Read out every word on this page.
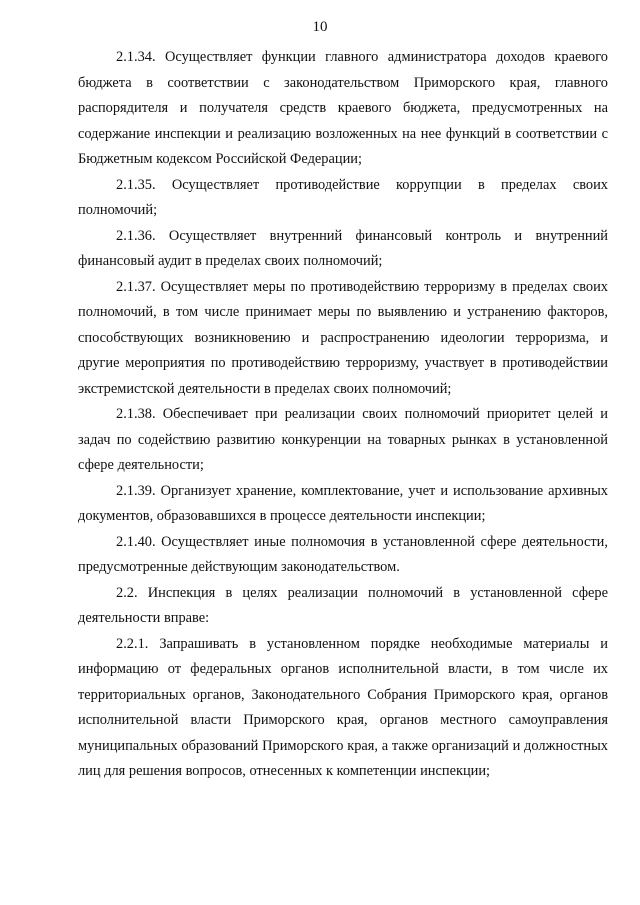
10

2.1.34. Осуществляет функции главного администратора доходов краевого бюджета в соответствии с законодательством Приморского края, главного распорядителя и получателя средств краевого бюджета, предусмотренных на содержание инспекции и реализацию возложенных на нее функций в соответствии с Бюджетным кодексом Российской Федерации;

2.1.35. Осуществляет противодействие коррупции в пределах своих полномочий;

2.1.36. Осуществляет внутренний финансовый контроль и внутренний финансовый аудит в пределах своих полномочий;

2.1.37. Осуществляет меры по противодействию терроризму в пределах своих полномочий, в том числе принимает меры по выявлению и устранению факторов, способствующих возникновению и распространению идеологии терроризма, и другие мероприятия по противодействию терроризму, участвует в противодействии экстремистской деятельности в пределах своих полномочий;

2.1.38. Обеспечивает при реализации своих полномочий приоритет целей и задач по содействию развитию конкуренции на товарных рынках в установленной сфере деятельности;

2.1.39. Организует хранение, комплектование, учет и использование архивных документов, образовавшихся в процессе деятельности инспекции;

2.1.40. Осуществляет иные полномочия в установленной сфере деятельности, предусмотренные действующим законодательством.

2.2. Инспекция в целях реализации полномочий в установленной сфере деятельности вправе:

2.2.1. Запрашивать в установленном порядке необходимые материалы и информацию от федеральных органов исполнительной власти, в том числе их территориальных органов, Законодательного Собрания Приморского края, органов исполнительной власти Приморского края, органов местного самоуправления муниципальных образований Приморского края, а также организаций и должностных лиц для решения вопросов, отнесенных к компетенции инспекции;
